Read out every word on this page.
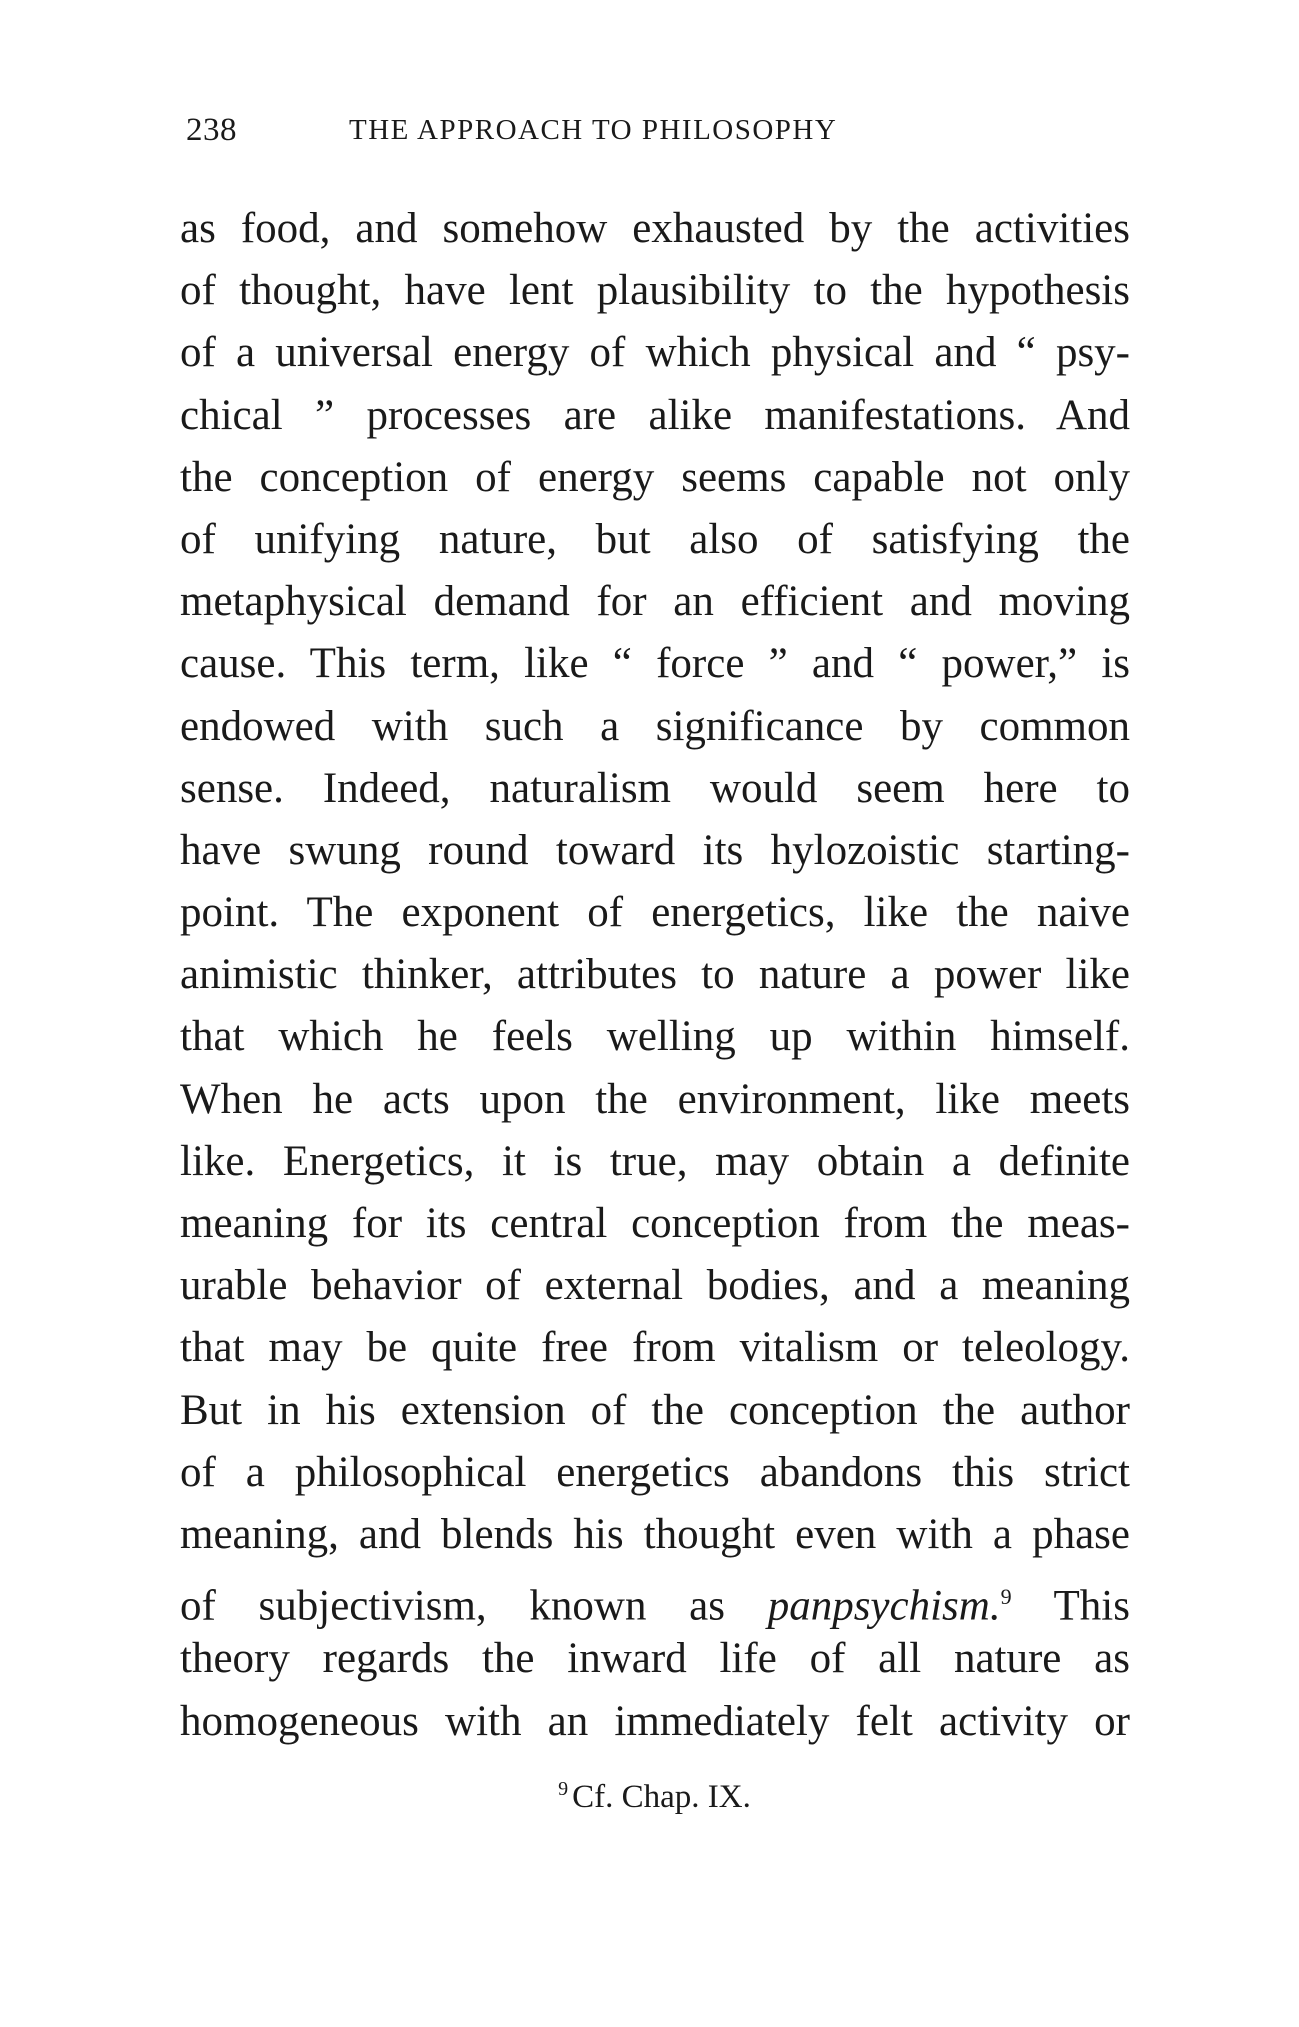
238	THE APPROACH TO PHILOSOPHY
as food, and somehow exhausted by the activities
of thought, have lent plausibility to the hypothesis
of a universal energy of which physical and “ psy-
chical ” processes are alike manifestations. And
the conception of energy seems capable not only
of unifying nature, but also of satisfying the
metaphysical demand for an efficient and moving
cause. This term, like “ force ” and “ power,” is
endowed with such a significance by common
sense. Indeed, naturalism would seem here to
have swung round toward its hylozoistic starting-
point. The exponent of energetics, like the naive
animistic thinker, attributes to nature a power like
that which he feels welling up within himself.
When he acts upon the environment, like meets
like. Energetics, it is true, may obtain a definite
meaning for its central conception from the meas-
urable behavior of external bodies, and a meaning
that may be quite free from vitalism or teleology.
But in his extension of the conception the author
of a philosophical energetics abandons this strict
meaning, and blends his thought even with a phase
of subjectivism, known as panpsychism.$^9$ This
theory regards the inward life of all nature as
homogeneous with an immediately felt activity or
$^9$ Cf. Chap. IX.
